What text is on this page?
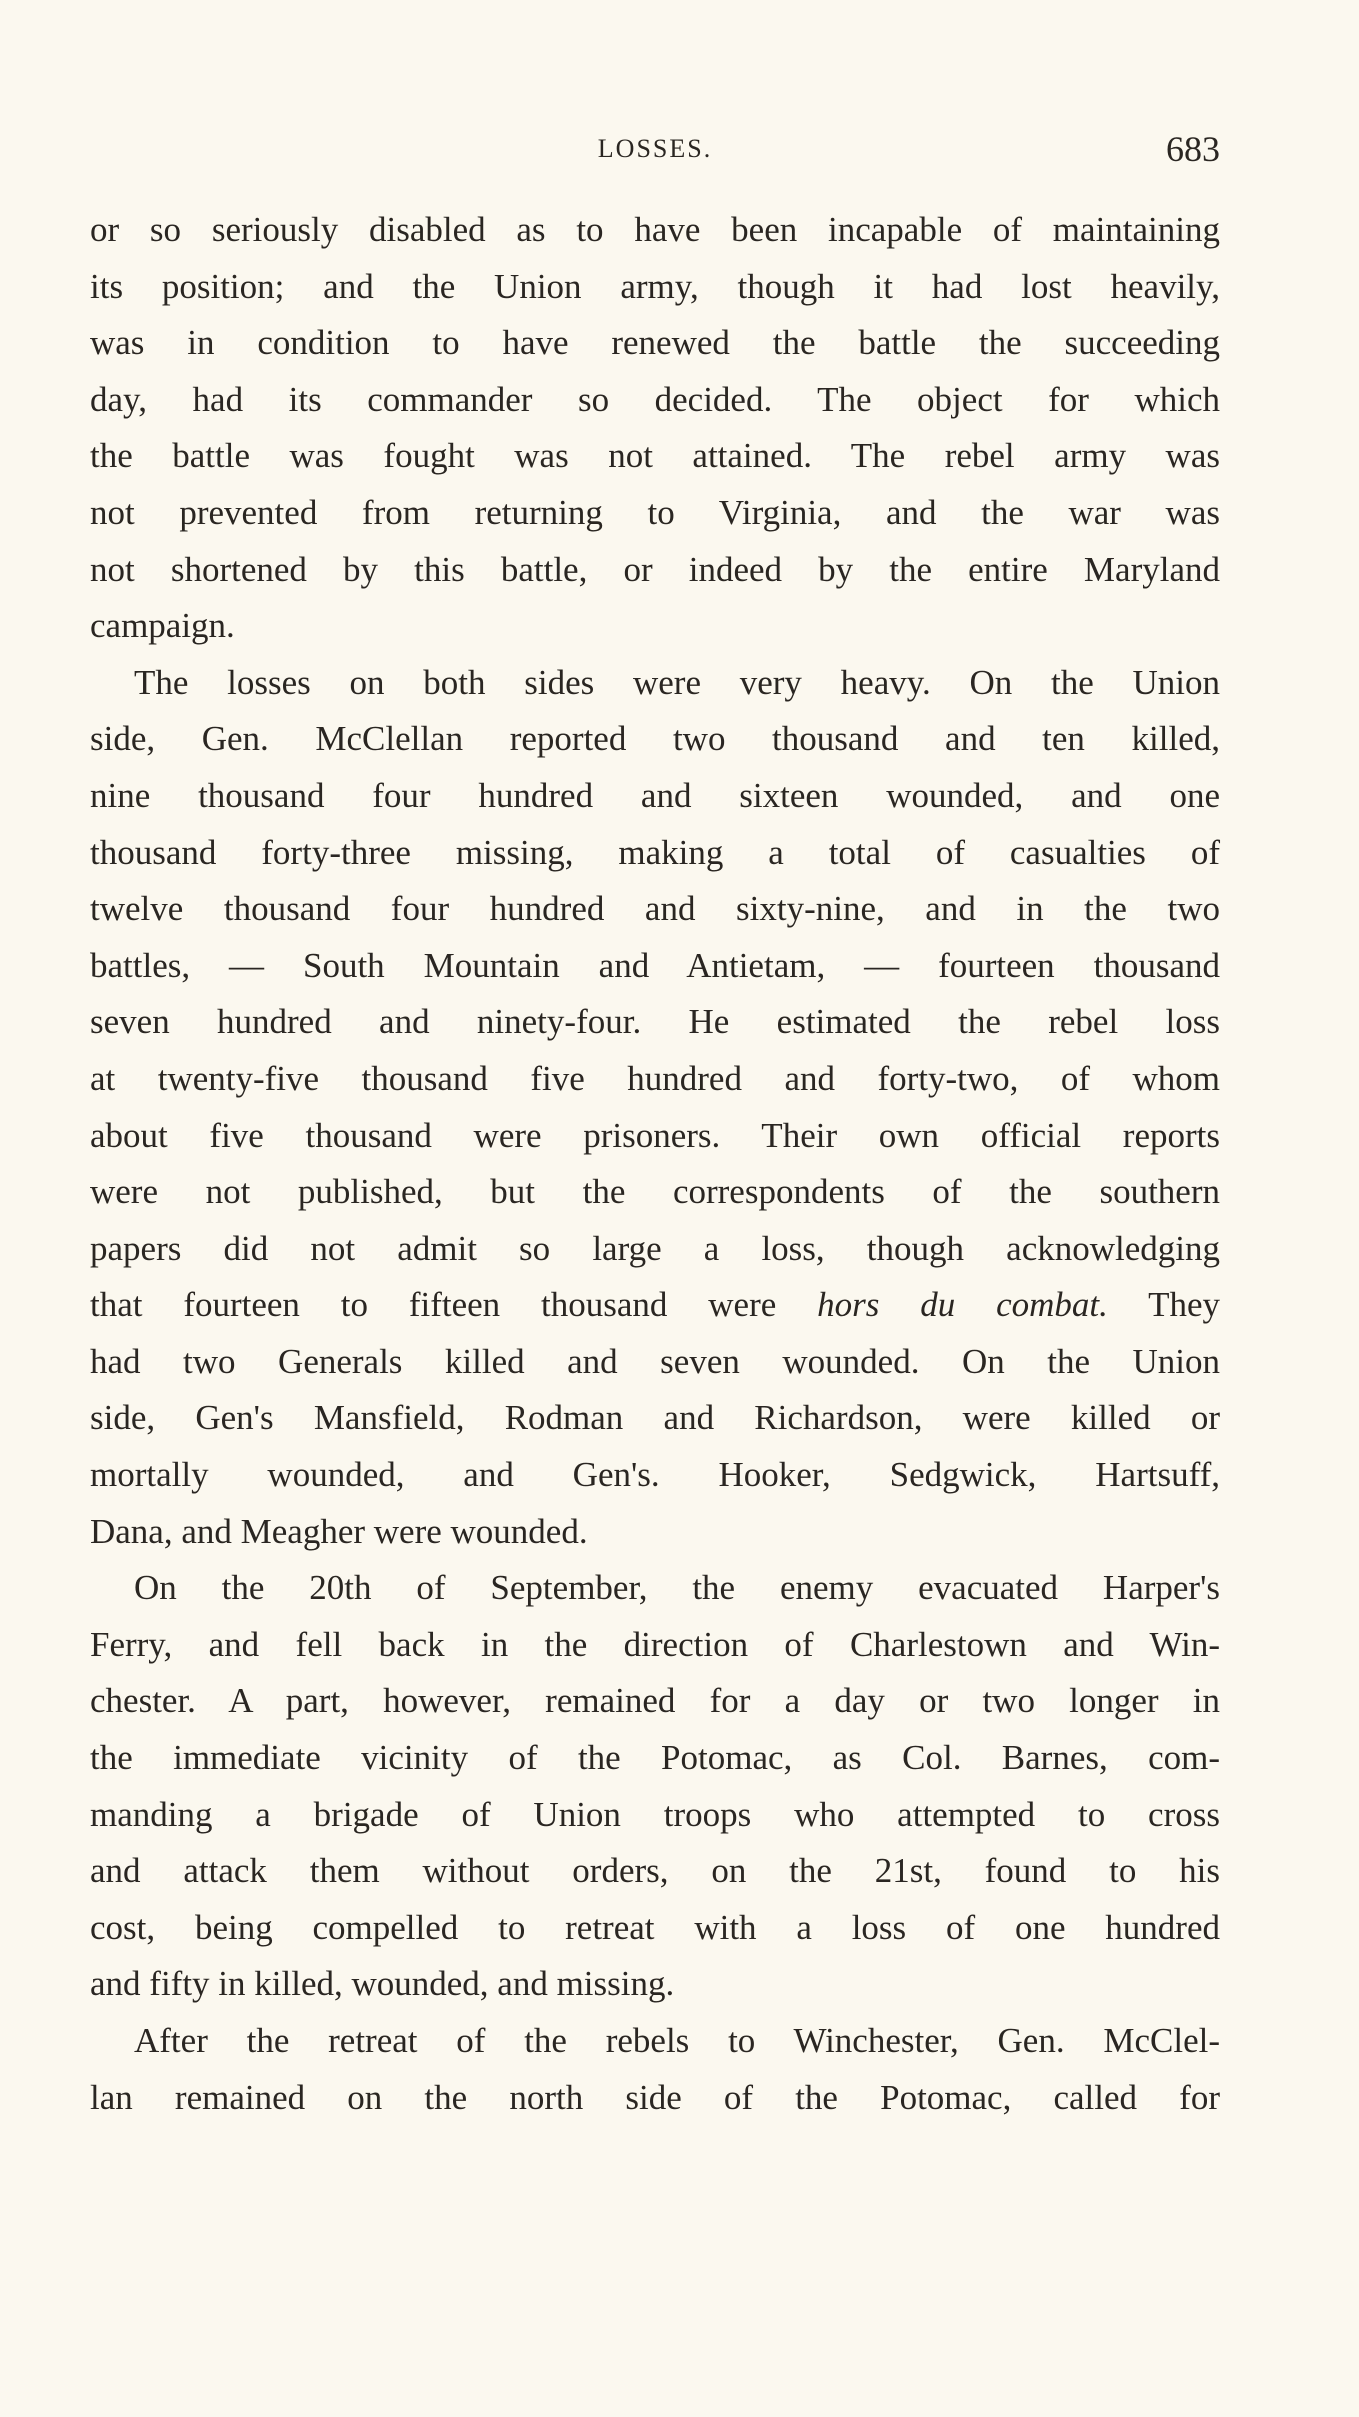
LOSSES.	683
or so seriously disabled as to have been incapable of maintaining
its position; and the Union army, though it had lost heavily,
was in condition to have renewed the battle the succeeding
day, had its commander so decided. The object for which
the battle was fought was not attained. The rebel army was
not prevented from returning to Virginia, and the war was
not shortened by this battle, or indeed by the entire Maryland
campaign.
The losses on both sides were very heavy. On the Union
side, Gen. McClellan reported two thousand and ten killed,
nine thousand four hundred and sixteen wounded, and one
thousand forty-three missing, making a total of casualties of
twelve thousand four hundred and sixty-nine, and in the two
battles, — South Mountain and Antietam, — fourteen thousand
seven hundred and ninety-four. He estimated the rebel loss
at twenty-five thousand five hundred and forty-two, of whom
about five thousand were prisoners. Their own official reports
were not published, but the correspondents of the southern
papers did not admit so large a loss, though acknowledging
that fourteen to fifteen thousand were hors du combat. They
had two Generals killed and seven wounded. On the Union
side, Gen's Mansfield, Rodman and Richardson, were killed or
mortally wounded, and Gen's. Hooker, Sedgwick, Hartsuff,
Dana, and Meagher were wounded.
On the 20th of September, the enemy evacuated Harper's
Ferry, and fell back in the direction of Charlestown and Win-
chester. A part, however, remained for a day or two longer in
the immediate vicinity of the Potomac, as Col. Barnes, com-
manding a brigade of Union troops who attempted to cross
and attack them without orders, on the 21st, found to his
cost, being compelled to retreat with a loss of one hundred
and fifty in killed, wounded, and missing.
After the retreat of the rebels to Winchester, Gen. McClel-
lan remained on the north side of the Potomac, called for
